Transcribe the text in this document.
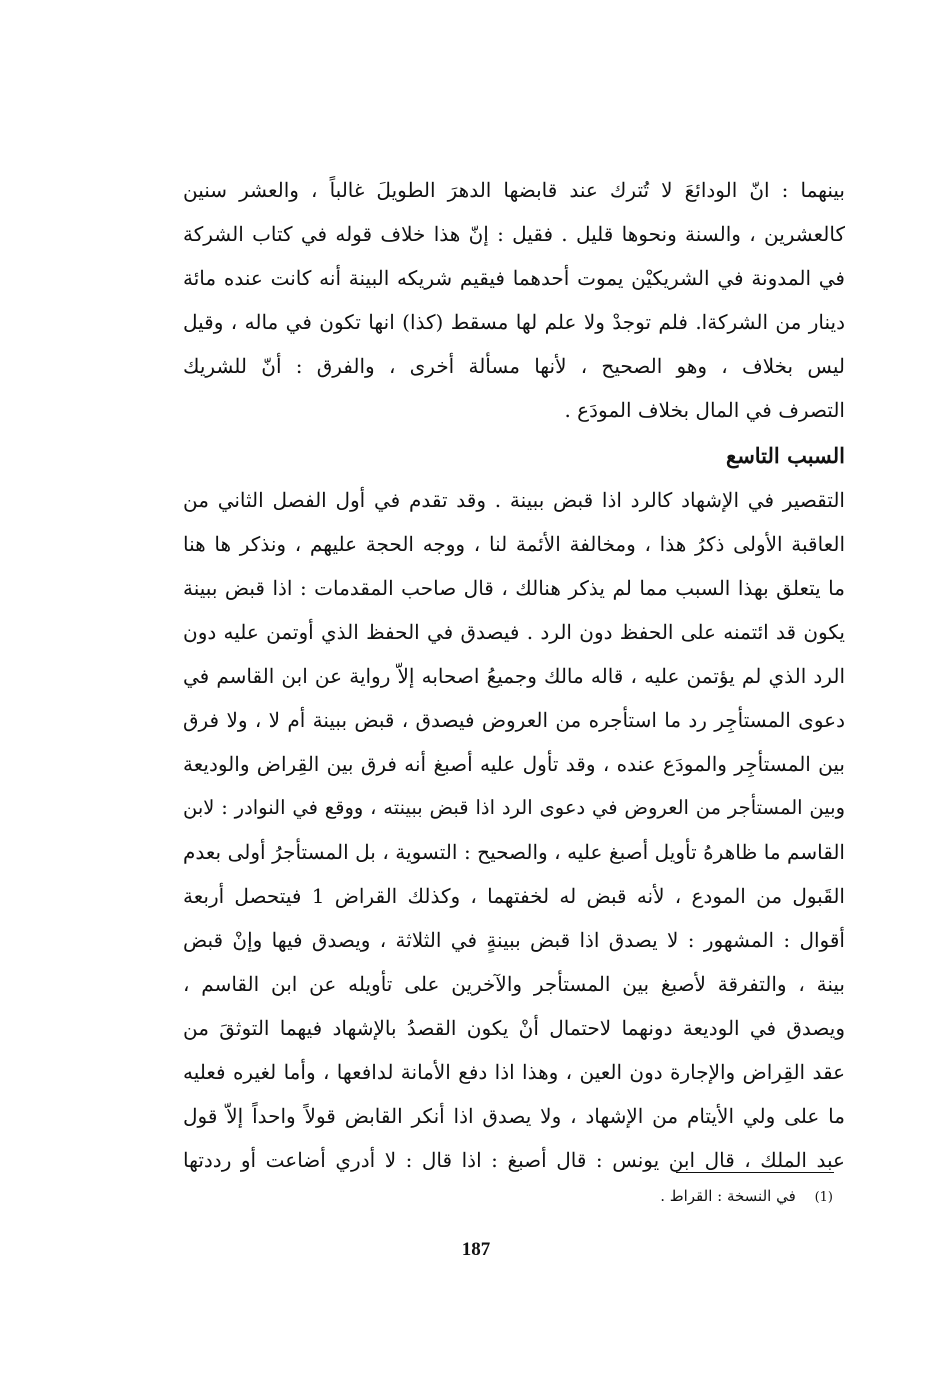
بينهما : انّ الودائعَ لا تُترك عند قابضها الدهرَ الطويلَ غالباً ، والعشر سنين
كالعشرين ، والسنة ونحوها قليل . فقيل : إنّ هذا خلاف قوله في كتاب الشركة
في المدونة في الشريكيْن يموت أحدهما فيقيم شريكه البينة أنه كانت عنده مائة
دينار من الشركةا. فلم توجدْ ولا علم لها مسقط (كذا) انها تكون في ماله ، وقيل
ليس بخلاف ، وهو الصحيح ، لأنها مسألة أخرى ، والفرق : أنّ للشريك
التصرف في المال بخلاف المودَع .
السبب التاسع
التقصير في الإشهاد كالرد اذا قبض ببينة . وقد تقدم في أول الفصل الثاني من
العاقبة الأولى ذكرُ هذا ، ومخالفة الأئمة لنا ، ووجه الحجة عليهم ، ونذكر ها هنا
ما يتعلق بهذا السبب مما لم يذكر هنالك ، قال صاحب المقدمات : اذا قبض ببينة
يكون قد ائتمنه على الحفظ دون الرد . فيصدق في الحفظ الذي أوتمن عليه دون
الرد الذي لم يؤتمن عليه ، قاله مالك وجميعُ اصحابه إلاّ رواية عن ابن القاسم في
دعوى المستأجِر رد ما استأجره من العروض فيصدق ، قبض ببينة أم لا ، ولا فرق
بين المستأجِر والمودَع عنده ، وقد تأول عليه أصبغ أنه فرق بين القِراض والوديعة
وبين المستأجر من العروض في دعوى الرد اذا قبض ببينته ، ووقع في النوادر : لابن
القاسم ما ظاهرهُ تأويل أصبغ عليه ، والصحيح : التسوية ، بل المستأجرُ أولى بعدم
القَبول من المودع ، لأنه قبض له لخفتهما ، وكذلك القراض 1 فيتحصل أربعة
أقوال : المشهور : لا يصدق اذا قبض ببينةٍ في الثلاثة ، ويصدق فيها وإنْ قبض
بينة ، والتفرقة لأصبغ بين المستأجر والآخرين على تأويله عن ابن القاسم ،
ويصدق في الوديعة دونهما لاحتمال أنْ يكون القصدُ بالإشهاد فيهما التوثقَ من
عقد القِراض والإجارة دون العين ، وهذا اذا دفع الأمانة لدافعها ، وأما لغيره فعليه
ما على ولي الأيتام من الإشهاد ، ولا يصدق اذا أنكر القابض قولاً واحداً إلاّ قول
عبد الملك ، قال ابن يونس : قال أصبغ : اذا قال : لا أدري أضاعت أو رددتها
(1) في النسخة : القراط .
187
